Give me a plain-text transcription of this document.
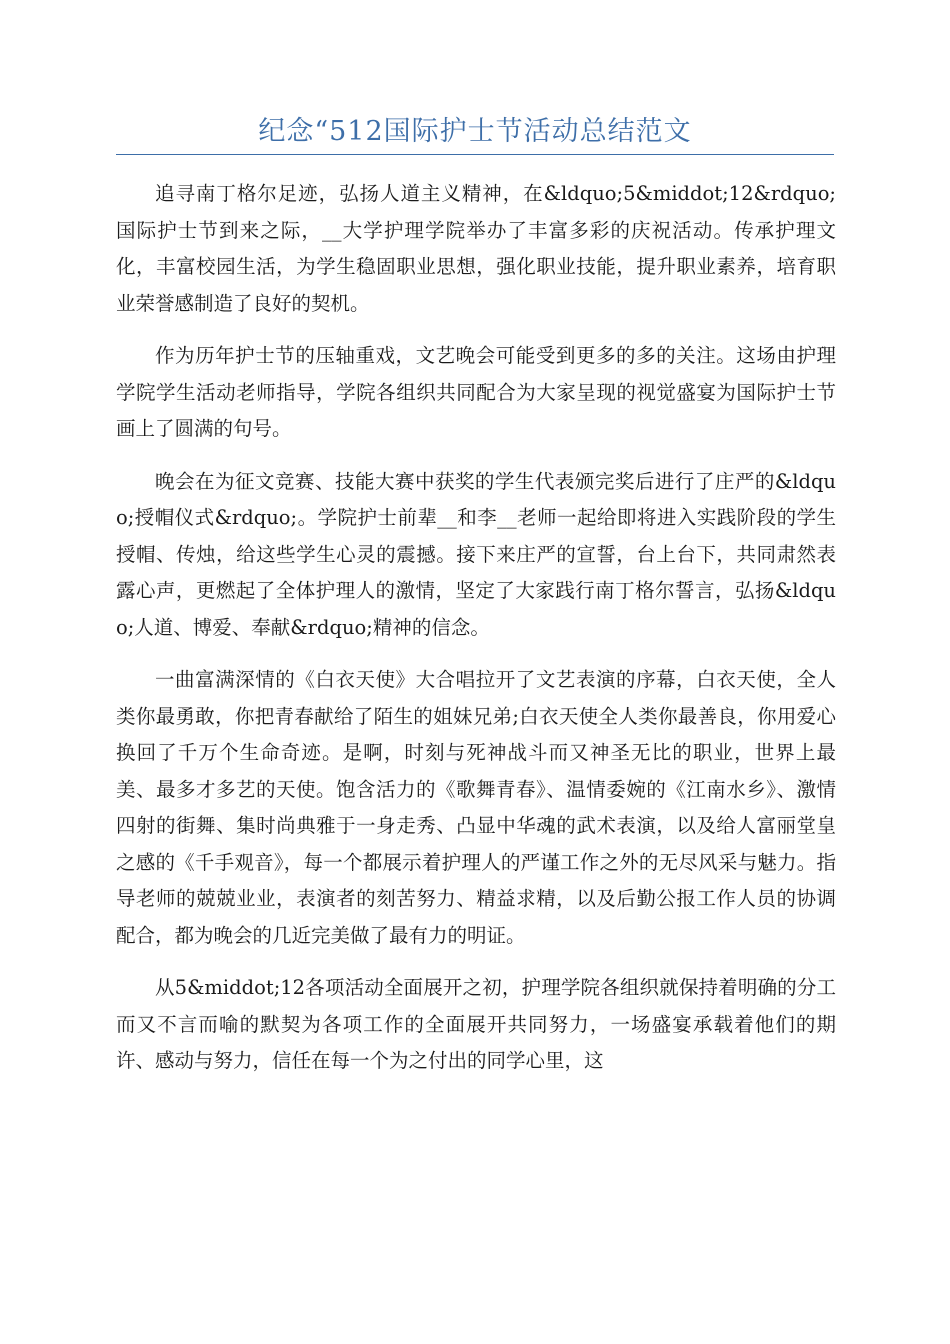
纪念“512国际护士节活动总结范文

追寻南丁格尔足迹，弘扬人道主义精神，在&ldquo;5&middot;12&rdquo;国际护士节到来之际，__大学护理学院举办了丰富多彩的庆祝活动。传承护理文化，丰富校园生活，为学生稳固职业思想，强化职业技能，提升职业素养，培育职业荣誉感制造了良好的契机。

作为历年护士节的压轴重戏，文艺晚会可能受到更多的多的关注。这场由护理学院学生活动老师指导，学院各组织共同配合为大家呈现的视觉盛宴为国际护士节画上了圆满的句号。

晚会在为征文竞赛、技能大赛中获奖的学生代表颁完奖后进行了庄严的&ldquo;授帽仪式&rdquo;。学院护士前辈__和李__老师一起给即将进入实践阶段的学生授帽、传烛，给这些学生心灵的震撼。接下来庄严的宣誓，台上台下，共同肃然表露心声，更燃起了全体护理人的激情，坚定了大家践行南丁格尔誓言，弘扬&ldquo;人道、博爱、奉献&rdquo;精神的信念。

一曲富满深情的《白衣天使》大合唱拉开了文艺表演的序幕，白衣天使，全人类你最勇敢，你把青春献给了陌生的姐妹兄弟;白衣天使全人类你最善良，你用爱心换回了千万个生命奇迹。是啊，时刻与死神战斗而又神圣无比的职业，世界上最美、最多才多艺的天使。饱含活力的《歌舞青春》、温情委婉的《江南水乡》、激情四射的街舞、集时尚典雅于一身走秀、凸显中华魂的武术表演，以及给人富丽堂皇之感的《千手观音》，每一个都展示着护理人的严谨工作之外的无尽风采与魅力。指导老师的兢兢业业，表演者的刻苦努力、精益求精，以及后勤公报工作人员的协调配合，都为晚会的几近完美做了最有力的明证。

从5&middot;12各项活动全面展开之初，护理学院各组织就保持着明确的分工而又不言而喻的默契为各项工作的全面展开共同努力，一场盛宴承载着他们的期许、感动与努力，信任在每一个为之付出的同学心里，这
